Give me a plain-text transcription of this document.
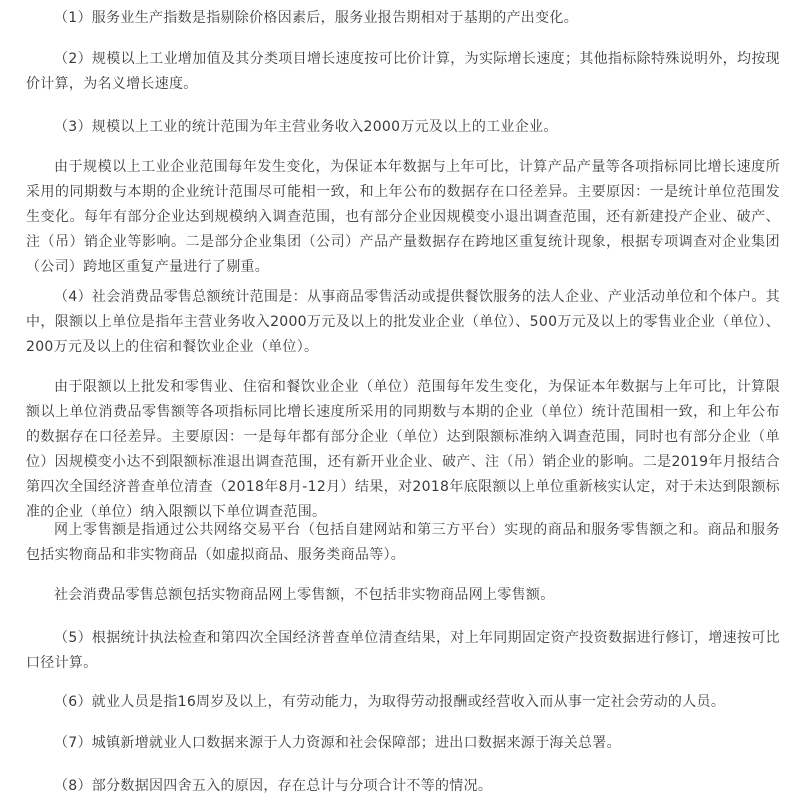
（1）服务业生产指数是指剔除价格因素后，服务业报告期相对于基期的产出变化。

（2）规模以上工业增加值及其分类项目增长速度按可比价计算，为实际增长速度；其他指标除特殊说明外，均按现价计算，为名义增长速度。

（3）规模以上工业的统计范围为年主营业务收入2000万元及以上的工业企业。

由于规模以上工业企业范围每年发生变化，为保证本年数据与上年可比，计算产品产量等各项指标同比增长速度所采用的同期数与本期的企业统计范围尽可能相一致，和上年公布的数据存在口径差异。主要原因：一是统计单位范围发生变化。每年有部分企业达到规模纳入调查范围，也有部分企业因规模变小退出调查范围，还有新建投产企业、破产、注（吊）销企业等影响。二是部分企业集团（公司）产品产量数据存在跨地区重复统计现象，根据专项调查对企业集团（公司）跨地区重复产量进行了剔重。

（4）社会消费品零售总额统计范围是：从事商品零售活动或提供餐饮服务的法人企业、产业活动单位和个体户。其中，限额以上单位是指年主营业务收入2000万元及以上的批发业企业（单位）、500万元及以上的零售业企业（单位）、200万元及以上的住宿和餐饮业企业（单位）。

由于限额以上批发和零售业、住宿和餐饮业企业（单位）范围每年发生变化，为保证本年数据与上年可比，计算限额以上单位消费品零售额等各项指标同比增长速度所采用的同期数与本期的企业（单位）统计范围相一致，和上年公布的数据存在口径差异。主要原因：一是每年都有部分企业（单位）达到限额标准纳入调查范围，同时也有部分企业（单位）因规模变小达不到限额标准退出调查范围，还有新开业企业、破产、注（吊）销企业的影响。二是2019年月报结合第四次全国经济普查单位清查（2018年8月-12月）结果，对2018年底限额以上单位重新核实认定，对于未达到限额标准的企业（单位）纳入限额以下单位调查范围。

网上零售额是指通过公共网络交易平台（包括自建网站和第三方平台）实现的商品和服务零售额之和。商品和服务包括实物商品和非实物商品（如虚拟商品、服务类商品等）。

社会消费品零售总额包括实物商品网上零售额，不包括非实物商品网上零售额。

（5）根据统计执法检查和第四次全国经济普查单位清查结果，对上年同期固定资产投资数据进行修订，增速按可比口径计算。

（6）就业人员是指16周岁及以上，有劳动能力，为取得劳动报酬或经营收入而从事一定社会劳动的人员。

（7）城镇新增就业人口数据来源于人力资源和社会保障部；进出口数据来源于海关总署。

（8）部分数据因四舍五入的原因，存在总计与分项合计不等的情况。
